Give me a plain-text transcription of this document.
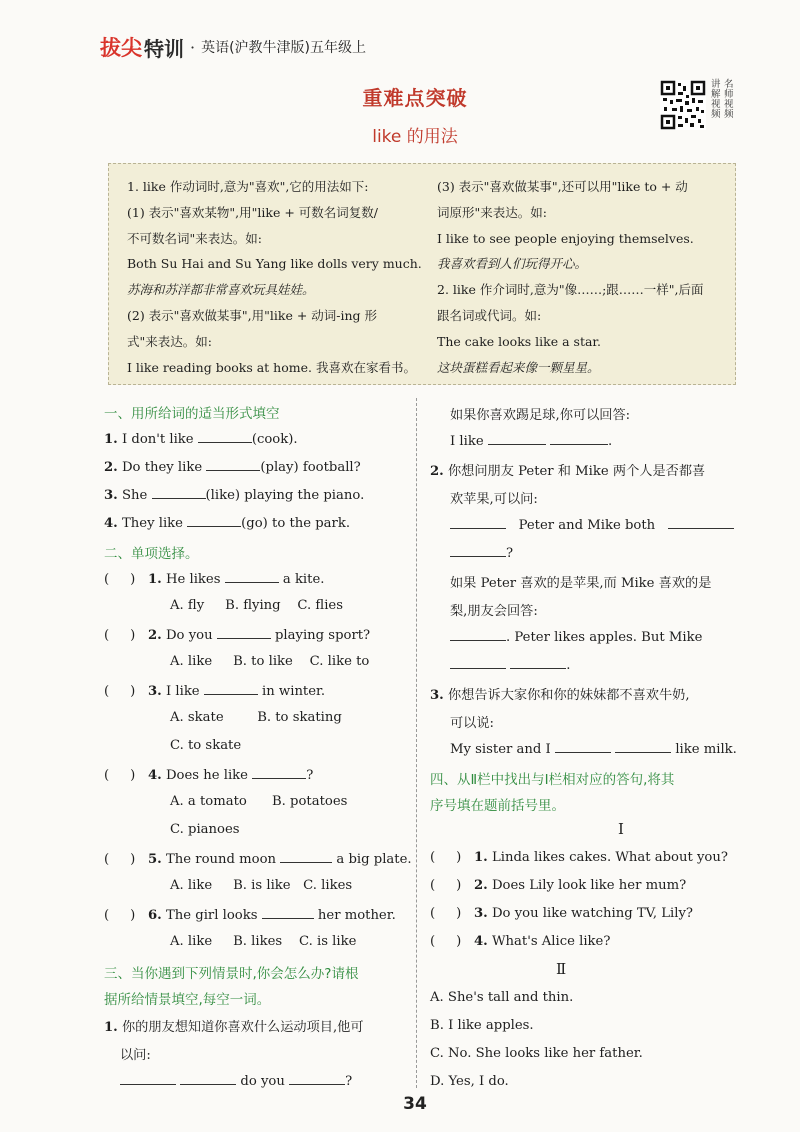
拔尖 特训 · 英语(沪教牛津版)五年级上
重难点突破
like 的用法
讲 名
解 师
视 视
频 频
1. like 作动词时,意为"喜欢",它的用法如下:
(1) 表示"喜欢某物",用"like + 可数名词复数/
不可数名词"来表达。如:
Both Su Hai and Su Yang like dolls very much.
苏海和苏洋都非常喜欢玩具娃娃。
(2) 表示"喜欢做某事",用"like + 动词-ing 形
式"来表达。如:
I like reading books at home. 我喜欢在家看书。
(3) 表示"喜欢做某事",还可以用"like to + 动
词原形"来表达。如:
I like to see people enjoying themselves.
我喜欢看到人们玩得开心。
2. like 作介词时,意为"像……;跟……一样",后面
跟名词或代词。如:
The cake looks like a star.
这块蛋糕看起来像一颗星星。
一、用所给词的适当形式填空
1. I don't like	(cook).
2. Do they like	(play) football?
3. She	(like) playing the piano.
4. They like	(go) to the park.
二、单项选择。
( ) 1. He likes	a kite.
A. fly B. flying C. flies
( ) 2. Do you	playing sport?
A. like B. to like C. like to
( ) 3. I like	in winter.
A. skate	B. to skating
C. to skate
( ) 4. Does he like	?
A. a tomato B. potatoes
C. pianoes
( ) 5. The round moon	a big plate.
A. like B. is like C. likes
( ) 6. The girl looks	her mother.
A. like B. likes C. is like
三、当你遇到下列情景时,你会怎么办?请根
据所给情景填空,每空一词。
1. 你的朋友想知道你喜欢什么运动项目,他可
以问:
do you	?
如果你喜欢踢足球,你可以回答:
I like	.
2. 你想问朋友 Peter 和 Mike 两个人是否都喜
欢苹果,可以问:
Peter and Mike both
?
如果 Peter 喜欢的是苹果,而 Mike 喜欢的是
梨,朋友会回答:
. Peter likes apples. But Mike
.
3. 你想告诉大家你和你的妹妹都不喜欢牛奶,
可以说:
My sister and I	like milk.
四、从Ⅱ栏中找出与Ⅰ栏相对应的答句,将其
序号填在题前括号里。
Ⅰ
( ) 1. Linda likes cakes. What about you?
( ) 2. Does Lily look like her mum?
( ) 3. Do you like watching TV, Lily?
( ) 4. What's Alice like?
Ⅱ
A. She's tall and thin.
B. I like apples.
C. No. She looks like her father.
D. Yes, I do.
34
